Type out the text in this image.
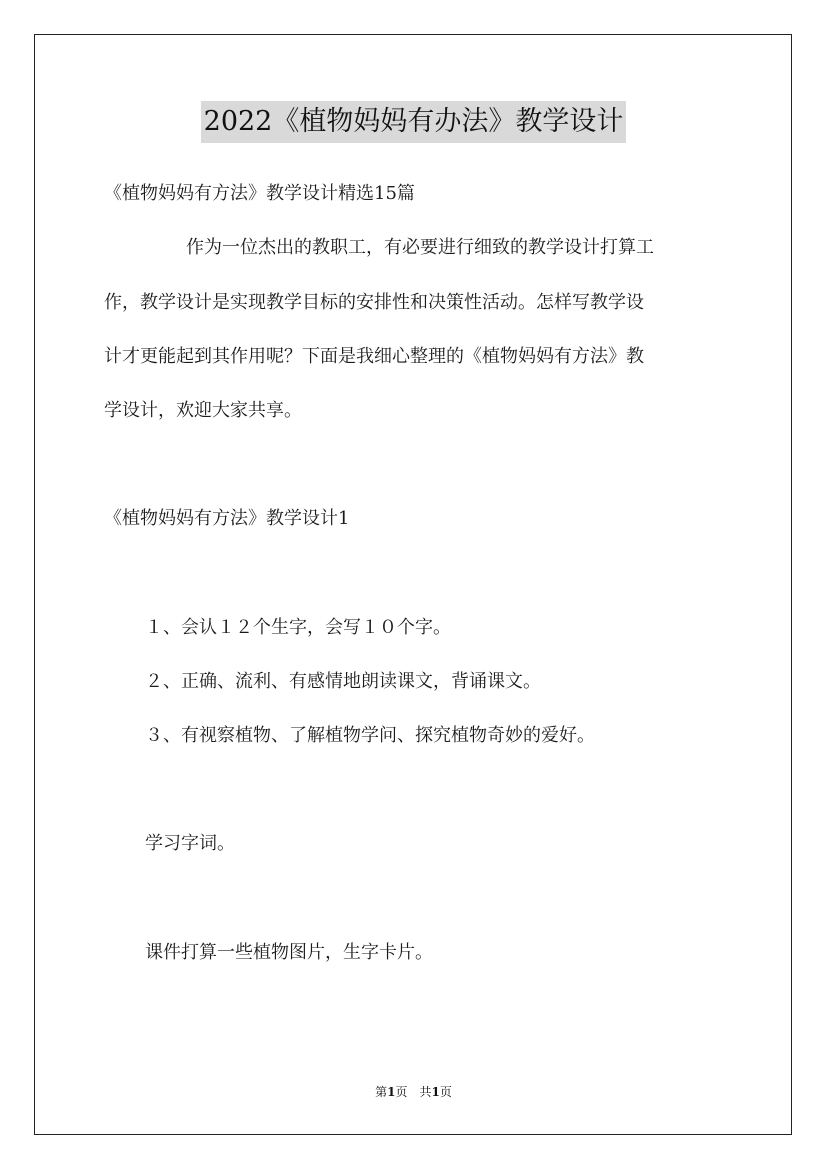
2022《植物妈妈有办法》教学设计
《植物妈妈有方法》教学设计精选15篇
作为一位杰出的教职工，有必要进行细致的教学设计打算工
作，教学设计是实现教学目标的安排性和决策性活动。怎样写教学设
计才更能起到其作用呢？下面是我细心整理的《植物妈妈有方法》教
学设计，欢迎大家共享。
《植物妈妈有方法》教学设计1
１、会认１２个生字，会写１０个字。
２、正确、流利、有感情地朗读课文，背诵课文。
３、有视察植物、了解植物学问、探究植物奇妙的爱好。
学习字词。
课件打算一些植物图片，生字卡片。
第1页　共1页
